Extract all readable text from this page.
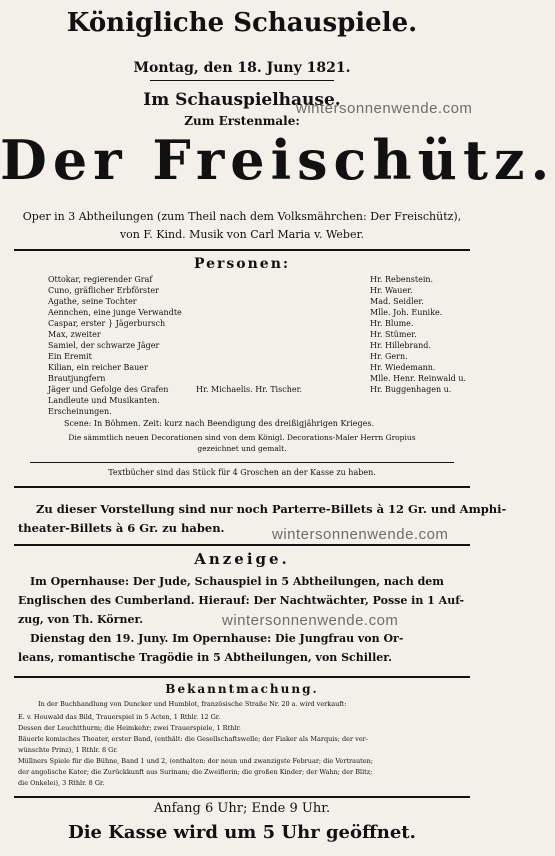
Königliche Schauspiele.
Montag, den 18. Juny 1821.
Im Schauspielhause.
Zum Erstenmale:
Der Freischütz.
Oper in 3 Abtheilungen (zum Theil nach dem Volksmährchen: Der Freischütz),
von F. Kind. Musik von Carl Maria v. Weber.
wintersonnenwende.com
Personen:
Ottokar, regierender Graf	Hr. Rebenstein.
Cuno, gräflicher Erbförster	Hr. Wauer.
Agathe, seine Tochter	Mad. Seidler.
Aennchen, eine junge Verwandte	Mlle. Joh. Eunike.
Caspar, erster } Jägerbursch	Hr. Blume.
Max, zweiter	Hr. Stümer.
Samiel, der schwarze Jäger	Hr. Hillebrand.
Ein Eremit	Hr. Gern.
Kilian, ein reicher Bauer	Hr. Wiedemann.
Brautjungfern	Mlle. Henr. Reinwald u.
Jäger und Gefolge des Grafen	Hr. Michaelis. Hr. Tischer.	Hr. Buggenhagen u.
Landleute und Musikanten.
Erscheinungen.
Scene: In Böhmen. Zeit: kurz nach Beendigung des dreißigjährigen Krieges.
Die sämmtlich neuen Decorationen sind von dem Königl. Decorations-Maler Herrn Gropius
gezeichnet und gemalt.
Textbücher sind das Stück für 4 Groschen an der Kasse zu haben.
Zu dieser Vorstellung sind nur noch Parterre-Billets à 12 Gr. und Amphi-
theater-Billets à 6 Gr. zu haben.	wintersonnenwende.com
Anzeige.
Im Opernhause: Der Jude, Schauspiel in 5 Abtheilungen, nach dem
Englischen des Cumberland. Hierauf: Der Nachtwächter, Posse in 1 Auf-
zug, von Th. Körner.
Dienstag den 19. Juny. Im Opernhause: Die Jungfrau von Or-
leans, romantische Tragödie in 5 Abtheilungen, von Schiller.
wintersonnenwende.com
Bekanntmachung.
In der Buchhandlung von Duncker und Humblot, französische Straße Nr. 20 a. wird verkauft:
E. v. Houwald das Bild, Trauerspiel in 5 Acten, 1 Rthlr. 12 Gr.
Dessen der Leuchtthurm; die Heimkehr; zwei Trauerspiele, 1 Rthlr.
Bäuerle komisches Theater, erster Band, (enthält: die Gesellschaftswelle; der Fiaker als Marquis; der ver-
wünschte Prinz), 1 Rthlr. 8 Gr.
Müllners Spiele für die Bühne, Band 1 und 2, (enthalten: der neun und zwanzigste Februar; die Vertrauten;
der angolische Kater; die Zurückkunft aus Surinam; die Zweiflerin; die großen Kinder; der Wahn; der Blitz;
die Onkelei), 3 Rthlr. 8 Gr.
Anfang 6 Uhr; Ende 9 Uhr.
Die Kasse wird um 5 Uhr geöffnet.
